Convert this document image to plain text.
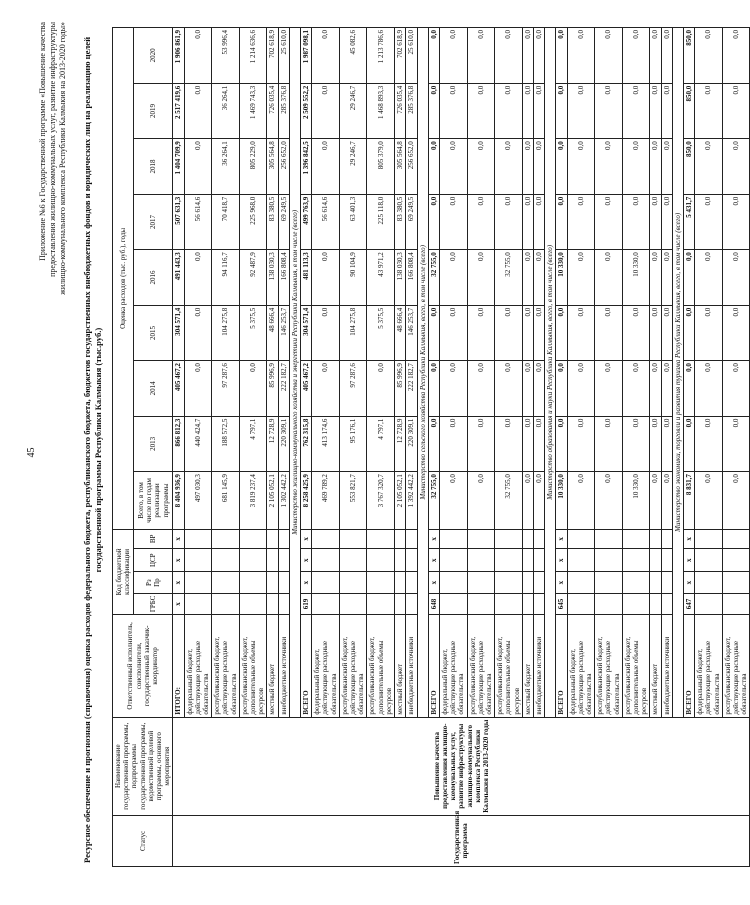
45
Приложение №6 к Государственной программе «Повышение качества предоставления жилищно-коммунальных услуг, развитие инфраструктуры жилищно-коммунального комплекса Республики Калмыкия на 2013-2020 годы» Ресурсное обеспечение и прогнозная (справочная) оценка расходов федерального бюджета, республиканского бюджета, бюджетов государственных внебюджетных фондов и юридических лиц на реализацию целей государственной программы Республики Калмыкия (тыс.руб.)
Статус	Наименование государственной программы, подпрограммы государственной программы, ведомственной целевой программы, основного мероприятия	Ответственный исполнитель, соисполнители, государственный заказчик-координатор	Код бюджетной классификации				Оценка расходов (тыс. руб.), годы								
			ГРБС	Рз Пр	ЦСР	ВР	Всего, в том числе по годам реализации программы	2013	2014	2015	2016	2017	2018	2019	2020
Государственная программа	Повышение качества предоставления жилищно-коммунальных услуг, развитие инфраструктуры жилищно-коммунального комплекса Республики Калмыкия на 2013-2020 годы	ИТОГО:	х	х	х	х	8 404 936,9	866 812,3	405 467,2	304 571,4	491 443,3	507 631,3	1 404 709,9	2 517 419,6	1 906 861,9
		федеральный бюджет, действующие расходные обязательства					497 030,3	440 424,7	0,0	0,0	0,0	56 614,6	0,0	0,0	0,0
		республиканский бюджет, действующие расходные обязательства					681 145,9	188 572,5	97 287,6	104 275,8	94 116,7	70 418,7	36 264,1	36 264,1	53 996,4
		республиканский бюджет, дополнительные объемы ресурсов					3 819 237,4	4 797,1	0,0	5 375,5	92 487,9	225 968,0	805 229,0	1 469 743,3	1 214 636,6
		местный бюджет					2 105 052,1	12 728,9	85 996,9	48 666,4	138 030,3	83 380,5	305 564,8	726 035,4	702 618,9
		внебюджетные источники					1 302 442,2	220 309,1	222 182,7	146 253,7	166 808,4	69 249,5	256 652,0	285 376,8	25 610,0
		Министерство жилищно-коммунального хозяйства и энергетики Республики Калмыкия, в том числе (всего)													
		ВСЕГО	619	х	х	х	8 258 425,9	762 315,8	405 467,2	304 571,4	481 113,3	499 763,9	1 396 842,5	2 509 552,2	1 987 098,1
		федеральный бюджет, действующие расходные обязательства					469 789,2	413 174,6	0,0	0,0	0,0	56 614,6	0,0	0,0	0,0
		республиканский бюджет, действующие расходные обязательства					553 821,7	95 176,1	97 287,6	104 275,8	90 104,9	63 401,3	29 246,7	29 246,7	45 082,6
		республиканский бюджет, дополнительные объемы ресурсов					3 767 320,7	4 797,1	0,0	5 375,5	43 971,2	225 118,0	805 379,0	1 468 893,3	1 213 786,6
		местный бюджет					2 105 052,1	12 728,9	85 996,9	48 666,4	138 030,3	83 380,5	305 564,8	726 035,4	702 618,9
		внебюджетные источники					1 392 442,2	220 309,1	222 182,7	146 253,7	166 808,4	69 249,5	256 652,0	285 376,8	25 610,0
		Министерство сельского хозяйства Республики Калмыкия, всего, в том числе (всего)													
		ВСЕГО	648	х	х	х	32 755,0	0,0	0,0	0,0	32 755,0	0,0	0,0	0,0	0,0
		федеральный бюджет, действующие расходные обязательства					0,0	0,0	0,0	0,0	0,0	0,0	0,0	0,0	0,0
		республиканский бюджет, действующие расходные обязательства					0,0	0,0	0,0	0,0	0,0	0,0	0,0	0,0	0,0
		республиканский бюджет, дополнительные объемы ресурсов					32 755,0	0,0	0,0	0,0	32 755,0	0,0	0,0	0,0	0,0
		местный бюджет					0,0	0,0	0,0	0,0	0,0	0,0	0,0	0,0	0,0
		внебюджетные источники					0,0	0,0	0,0	0,0	0,0	0,0	0,0	0,0	0,0
		Министерство образования и науки Республики Калмыкия, всего, в том числе (всего)													
		ВСЕГО	645	х	х	х	10 330,0	0,0	0,0	0,0	10 330,0	0,0	0,0	0,0	0,0
		федеральный бюджет, действующие расходные обязательства					0,0	0,0	0,0	0,0	0,0	0,0	0,0	0,0	0,0
		республиканский бюджет, действующие расходные обязательства					0,0	0,0	0,0	0,0	0,0	0,0	0,0	0,0	0,0
		республиканский бюджет, дополнительные объемы ресурсов					10 330,0	0,0	0,0	0,0	10 330,0	0,0	0,0	0,0	0,0
		местный бюджет					0,0	0,0	0,0	0,0	0,0	0,0	0,0	0,0	0,0
		внебюджетные источники					0,0	0,0	0,0	0,0	0,0	0,0	0,0	0,0	0,0
		Министерство экономики, торговли и развития туризма Республики Калмыкия, всего, в том числе (всего)													
		ВСЕГО	647	х	х	х	8 831,7	0,0	0,0	0,0	0,0	5 431,7	850,0	850,0	850,0
		федеральный бюджет, действующие расходные обязательства					0,0	0,0	0,0	0,0	0,0	0,0	0,0	0,0	0,0
		республиканский бюджет, действующие расходные обязательства					0,0	0,0	0,0	0,0	0,0	0,0	0,0	0,0	0,0
